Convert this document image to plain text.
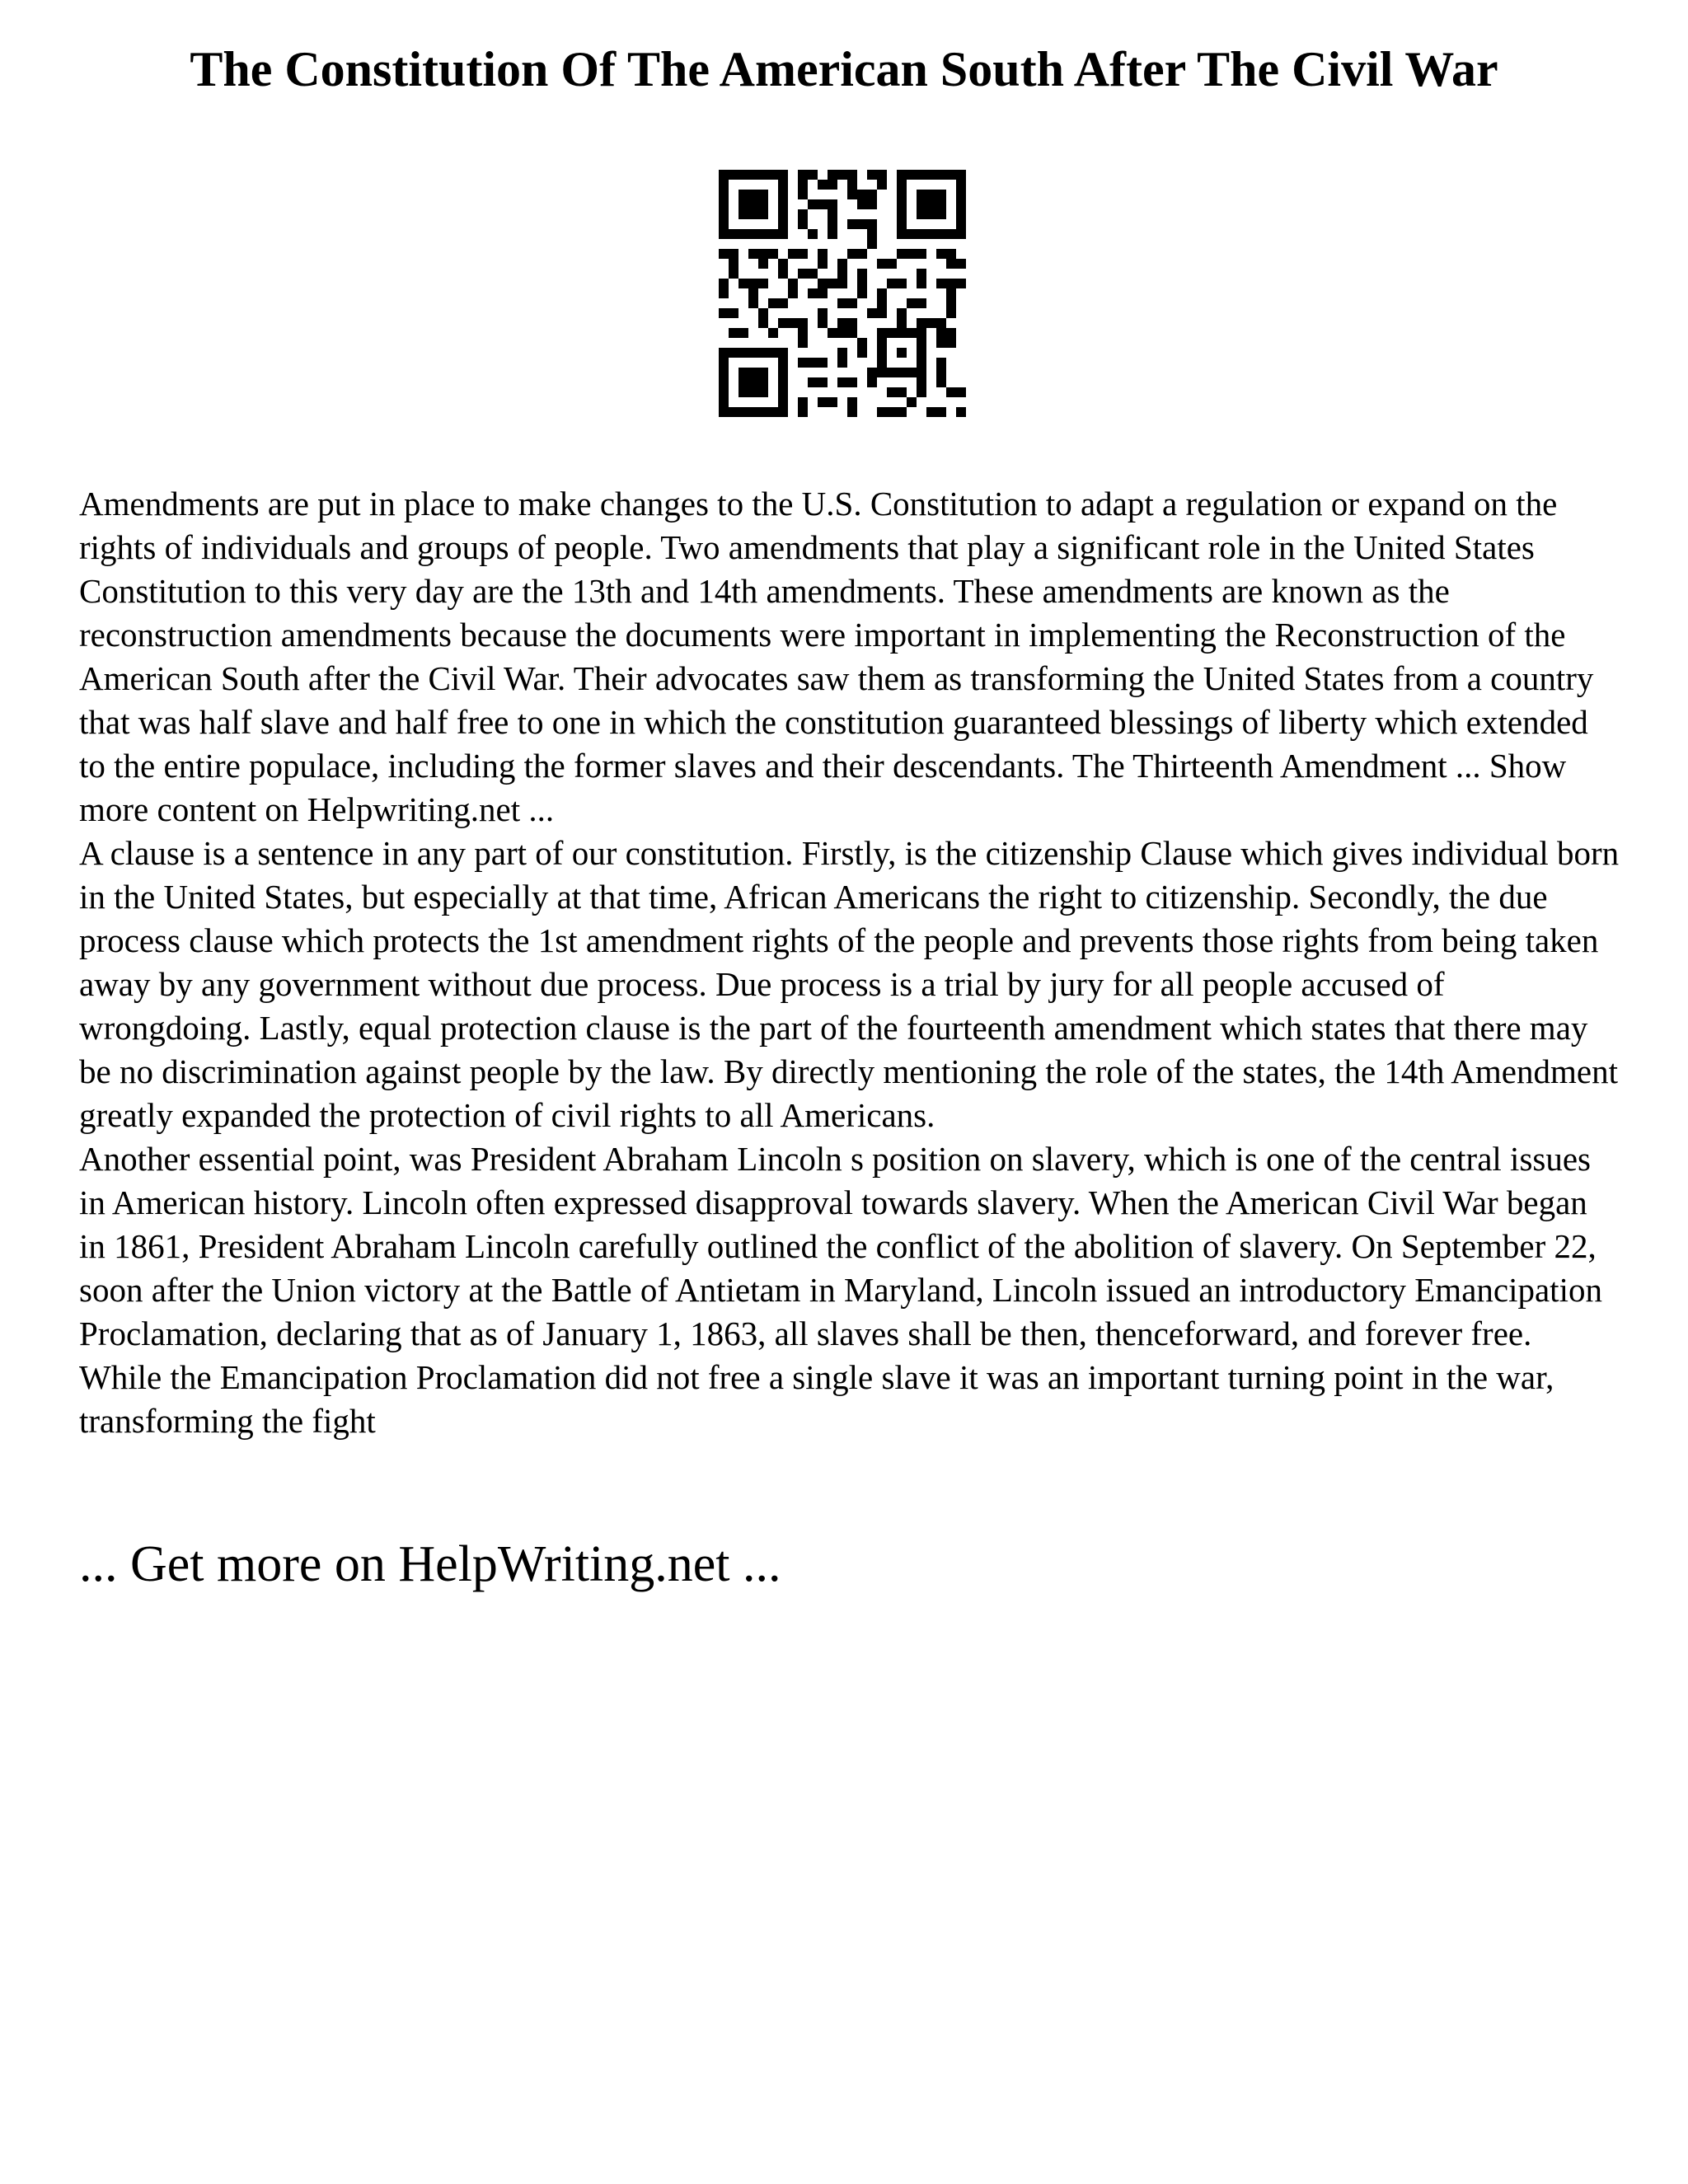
The Constitution Of The American South After The Civil War

Amendments are put in place to make changes to the U.S. Constitution to adapt a regulation or expand on the rights of individuals and groups of people. Two amendments that play a significant role in the United States Constitution to this very day are the 13th and 14th amendments. These amendments are known as the reconstruction amendments because the documents were important in implementing the Reconstruction of the American South after the Civil War. Their advocates saw them as transforming the United States from a country that was half slave and half free to one in which the constitution guaranteed blessings of liberty which extended to the entire populace, including the former slaves and their descendants. The Thirteenth Amendment ... Show more content on Helpwriting.net ...

A clause is a sentence in any part of our constitution. Firstly, is the citizenship Clause which gives individual born in the United States, but especially at that time, African Americans the right to citizenship. Secondly, the due process clause which protects the 1st amendment rights of the people and prevents those rights from being taken away by any government without due process. Due process is a trial by jury for all people accused of wrongdoing. Lastly, equal protection clause is the part of the fourteenth amendment which states that there may be no discrimination against people by the law. By directly mentioning the role of the states, the 14th Amendment greatly expanded the protection of civil rights to all Americans.

Another essential point, was President Abraham Lincoln s position on slavery, which is one of the central issues in American history. Lincoln often expressed disapproval towards slavery. When the American Civil War began in 1861, President Abraham Lincoln carefully outlined the conflict of the abolition of slavery. On September 22, soon after the Union victory at the Battle of Antietam in Maryland, Lincoln issued an introductory Emancipation Proclamation, declaring that as of January 1, 1863, all slaves shall be then, thenceforward, and forever free. While the Emancipation Proclamation did not free a single slave it was an important turning point in the war, transforming the fight

... Get more on HelpWriting.net ...
